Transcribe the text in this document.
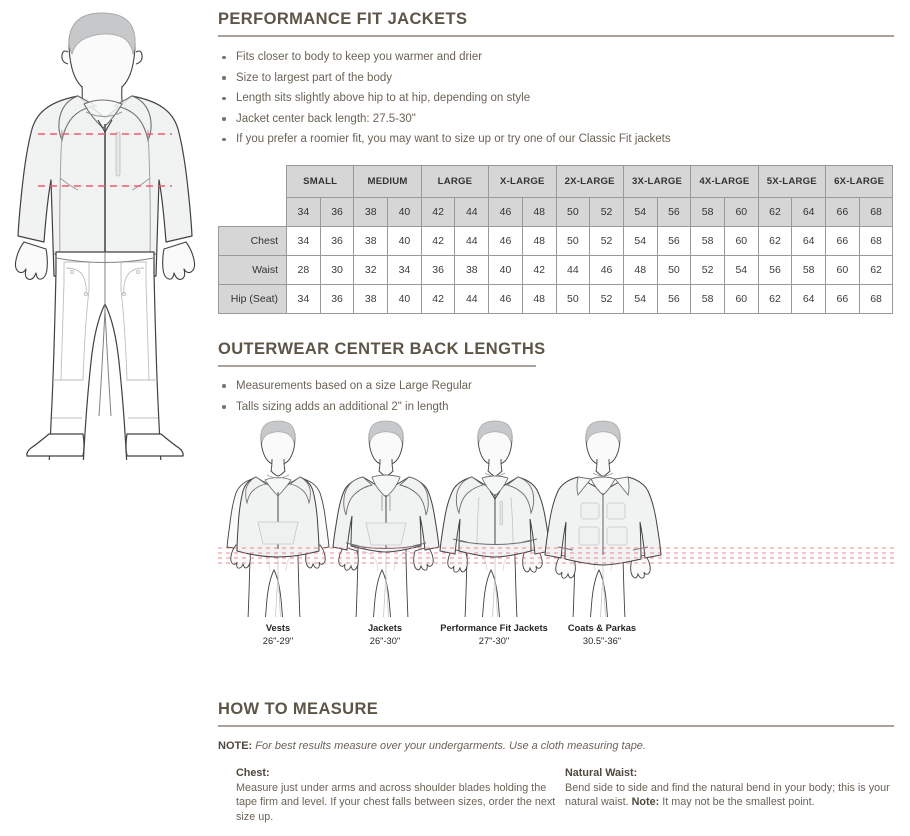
PERFORMANCE FIT JACKETS
Fits closer to body to keep you warmer and drier
Size to largest part of the body
Length sits slightly above hip to at hip, depending on style
Jacket center back length: 27.5-30"
If you prefer a roomier fit, you may want to size up or try one of our Classic Fit jackets
	SMALL		MEDIUM		LARGE		X-LARGE		2X-LARGE		3X-LARGE		4X-LARGE		5X-LARGE		6X-LARGE	
	34	36	38	40	42	44	46	48	50	52	54	56	58	60	62	64	66	68
Chest	34	36	38	40	42	44	46	48	50	52	54	56	58	60	62	64	66	68
Waist	28	30	32	34	36	38	40	42	44	46	48	50	52	54	56	58	60	62
Hip (Seat)	34	36	38	40	42	44	46	48	50	52	54	56	58	60	62	64	66	68
OUTERWEAR CENTER BACK LENGTHS
Measurements based on a size Large Regular
Talls sizing adds an additional 2" in length
Vests
26"-29"
Jackets
26"-30"
Performance Fit Jackets
27"-30"
Coats & Parkas
30.5"-36"
HOW TO MEASURE
NOTE: For best results measure over your undergarments. Use a cloth measuring tape.
Chest:
Measure just under arms and across shoulder blades holding the tape firm and level. If your chest falls between sizes, order the next size up.
Natural Waist:
Bend side to side and find the natural bend in your body; this is your natural waist. Note: It may not be the smallest point.
